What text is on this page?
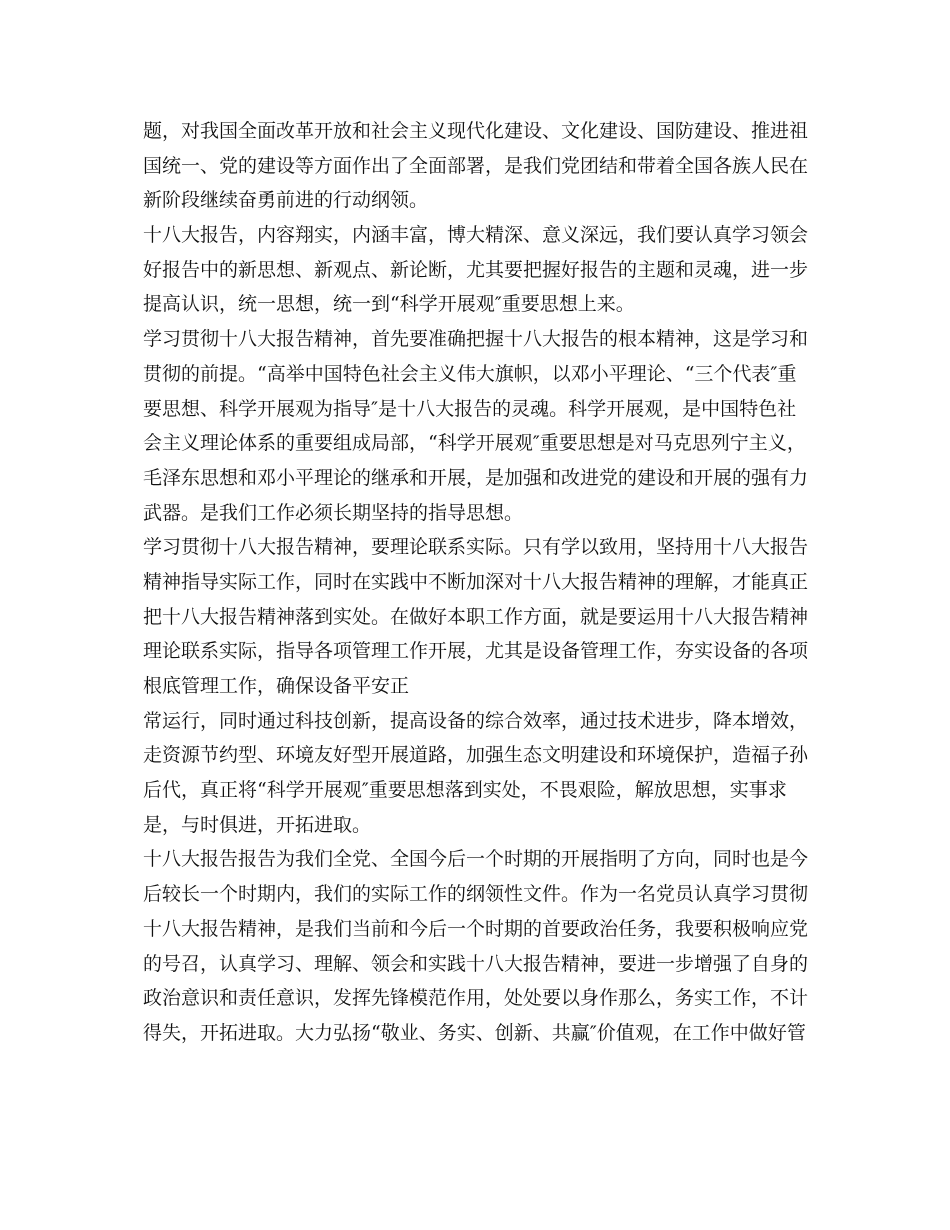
题，对我国全面改革开放和社会主义现代化建设、文化建设、国防建设、推进祖
国统一、党的建设等方面作出了全面部署，是我们党团结和带着全国各族人民在
新阶段继续奋勇前进的行动纲领。
十八大报告，内容翔实，内涵丰富，博大精深、意义深远，我们要认真学习领会
好报告中的新思想、新观点、新论断，尤其要把握好报告的主题和灵魂，进一步
提高认识，统一思想，统一到“科学开展观″重要思想上来。
学习贯彻十八大报告精神，首先要准确把握十八大报告的根本精神，这是学习和
贯彻的前提。“高举中国特色社会主义伟大旗帜，以邓小平理论、“三个代表″重
要思想、科学开展观为指导″是十八大报告的灵魂。科学开展观，是中国特色社
会主义理论体系的重要组成局部，“科学开展观″重要思想是对马克思列宁主义，
毛泽东思想和邓小平理论的继承和开展，是加强和改进党的建设和开展的强有力
武器。是我们工作必须长期坚持的指导思想。
学习贯彻十八大报告精神，要理论联系实际。只有学以致用，坚持用十八大报告
精神指导实际工作，同时在实践中不断加深对十八大报告精神的理解，才能真正
把十八大报告精神落到实处。在做好本职工作方面，就是要运用十八大报告精神
理论联系实际，指导各项管理工作开展，尤其是设备管理工作，夯实设备的各项
根底管理工作，确保设备平安正
常运行，同时通过科技创新，提高设备的综合效率，通过技术进步，降本增效，
走资源节约型、环境友好型开展道路，加强生态文明建设和环境保护，造福子孙
后代，真正将“科学开展观″重要思想落到实处，不畏艰险，解放思想，实事求
是，与时俱进，开拓进取。
十八大报告报告为我们全党、全国今后一个时期的开展指明了方向，同时也是今
后较长一个时期内，我们的实际工作的纲领性文件。作为一名党员认真学习贯彻
十八大报告精神，是我们当前和今后一个时期的首要政治任务，我要积极响应党
的号召，认真学习、理解、领会和实践十八大报告精神，要进一步增强了自身的
政治意识和责任意识，发挥先锋模范作用，处处要以身作那么，务实工作，不计
得失，开拓进取。大力弘扬“敬业、务实、创新、共赢″价值观，在工作中做好管
